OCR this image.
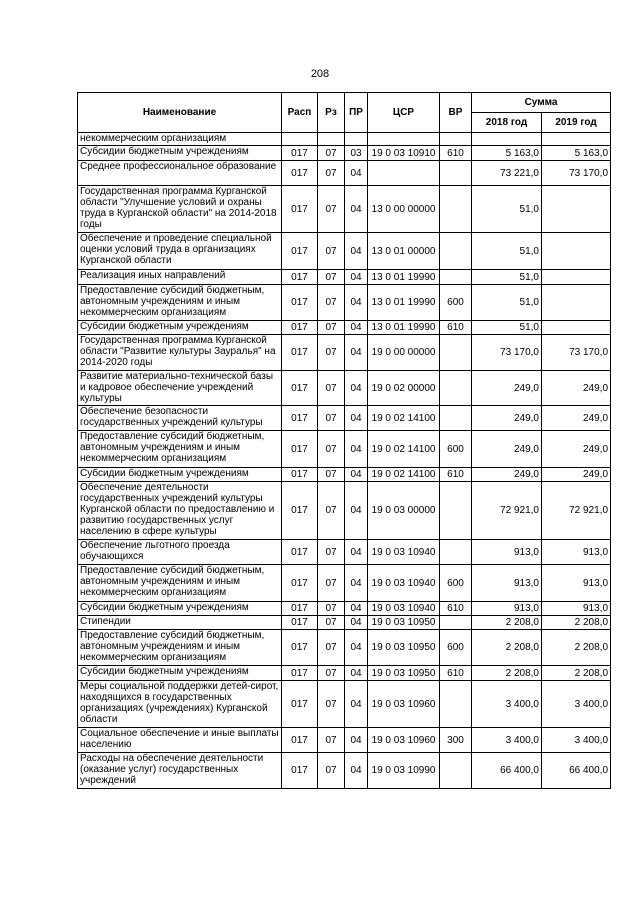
208
Наименование	Расп	Рз	ПР	ЦСР	ВР	Сумма	
						2018 год	2019 год
некоммерческим организациям							
Субсидии бюджетным учреждениям	017	07	03	19 0 03 10910	610	5 163,0	5 163,0
Среднее профессиональное образование	017	07	04			73 221,0	73 170,0
Государственная программа Курганской области "Улучшение условий и охраны труда в Курганской области" на 2014-2018 годы	017	07	04	13 0 00 00000		51,0	
Обеспечение и проведение специальной оценки условий труда в организациях Курганской области	017	07	04	13 0 01 00000		51,0	
Реализация иных направлений	017	07	04	13 0 01 19990		51,0	
Предоставление субсидий бюджетным, автономным учреждениям и иным некоммерческим организациям	017	07	04	13 0 01 19990	600	51,0	
Субсидии бюджетным учреждениям	017	07	04	13 0 01 19990	610	51,0	
Государственная программа Курганской области "Развитие культуры Зауралья" на 2014-2020 годы	017	07	04	19 0 00 00000		73 170,0	73 170,0
Развитие материально-технической базы и кадровое обеспечение учреждений культуры	017	07	04	19 0 02 00000		249,0	249,0
Обеспечение безопасности государственных учреждений культуры	017	07	04	19 0 02 14100		249,0	249,0
Предоставление субсидий бюджетным, автономным учреждениям и иным некоммерческим организациям	017	07	04	19 0 02 14100	600	249,0	249,0
Субсидии бюджетным учреждениям	017	07	04	19 0 02 14100	610	249,0	249,0
Обеспечение деятельности государственных учреждений культуры Курганской области по предоставлению и развитию государственных услуг населению в сфере культуры	017	07	04	19 0 03 00000		72 921,0	72 921,0
Обеспечение льготного проезда обучающихся	017	07	04	19 0 03 10940		913,0	913,0
Предоставление субсидий бюджетным, автономным учреждениям и иным некоммерческим организациям	017	07	04	19 0 03 10940	600	913,0	913,0
Субсидии бюджетным учреждениям	017	07	04	19 0 03 10940	610	913,0	913,0
Стипендии	017	07	04	19 0 03 10950		2 208,0	2 208,0
Предоставление субсидий бюджетным, автономным учреждениям и иным некоммерческим организациям	017	07	04	19 0 03 10950	600	2 208,0	2 208,0
Субсидии бюджетным учреждениям	017	07	04	19 0 03 10950	610	2 208,0	2 208,0
Меры социальной поддержки детей-сирот, находящихся в государственных организациях (учреждениях) Курганской области	017	07	04	19 0 03 10960		3 400,0	3 400,0
Социальное обеспечение и иные выплаты населению	017	07	04	19 0 03 10960	300	3 400,0	3 400,0
Расходы на обеспечение деятельности (оказание услуг) государственных учреждений	017	07	04	19 0 03 10990		66 400,0	66 400,0
